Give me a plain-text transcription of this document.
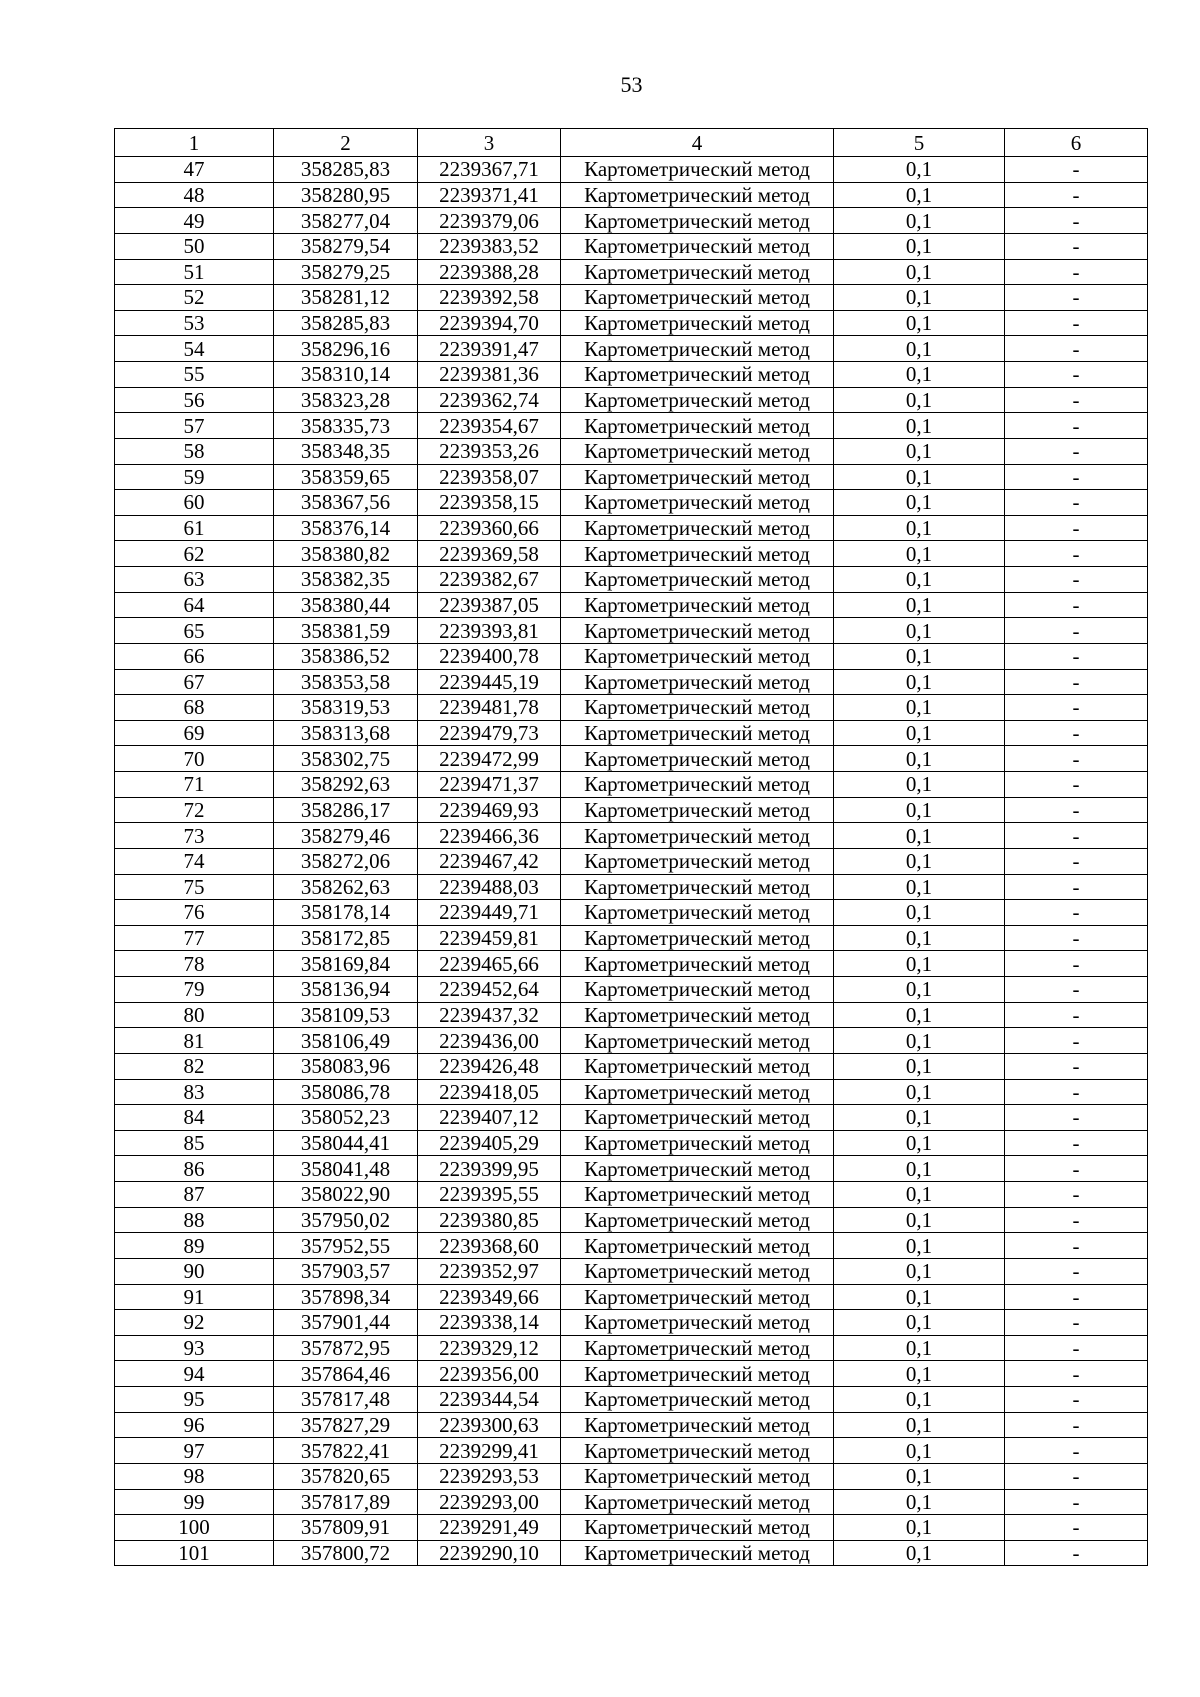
53
1	2	3	4	5	6
47	358285,83	2239367,71	Картометрический метод	0,1	-
48	358280,95	2239371,41	Картометрический метод	0,1	-
49	358277,04	2239379,06	Картометрический метод	0,1	-
50	358279,54	2239383,52	Картометрический метод	0,1	-
51	358279,25	2239388,28	Картометрический метод	0,1	-
52	358281,12	2239392,58	Картометрический метод	0,1	-
53	358285,83	2239394,70	Картометрический метод	0,1	-
54	358296,16	2239391,47	Картометрический метод	0,1	-
55	358310,14	2239381,36	Картометрический метод	0,1	-
56	358323,28	2239362,74	Картометрический метод	0,1	-
57	358335,73	2239354,67	Картометрический метод	0,1	-
58	358348,35	2239353,26	Картометрический метод	0,1	-
59	358359,65	2239358,07	Картометрический метод	0,1	-
60	358367,56	2239358,15	Картометрический метод	0,1	-
61	358376,14	2239360,66	Картометрический метод	0,1	-
62	358380,82	2239369,58	Картометрический метод	0,1	-
63	358382,35	2239382,67	Картометрический метод	0,1	-
64	358380,44	2239387,05	Картометрический метод	0,1	-
65	358381,59	2239393,81	Картометрический метод	0,1	-
66	358386,52	2239400,78	Картометрический метод	0,1	-
67	358353,58	2239445,19	Картометрический метод	0,1	-
68	358319,53	2239481,78	Картометрический метод	0,1	-
69	358313,68	2239479,73	Картометрический метод	0,1	-
70	358302,75	2239472,99	Картометрический метод	0,1	-
71	358292,63	2239471,37	Картометрический метод	0,1	-
72	358286,17	2239469,93	Картометрический метод	0,1	-
73	358279,46	2239466,36	Картометрический метод	0,1	-
74	358272,06	2239467,42	Картометрический метод	0,1	-
75	358262,63	2239488,03	Картометрический метод	0,1	-
76	358178,14	2239449,71	Картометрический метод	0,1	-
77	358172,85	2239459,81	Картометрический метод	0,1	-
78	358169,84	2239465,66	Картометрический метод	0,1	-
79	358136,94	2239452,64	Картометрический метод	0,1	-
80	358109,53	2239437,32	Картометрический метод	0,1	-
81	358106,49	2239436,00	Картометрический метод	0,1	-
82	358083,96	2239426,48	Картометрический метод	0,1	-
83	358086,78	2239418,05	Картометрический метод	0,1	-
84	358052,23	2239407,12	Картометрический метод	0,1	-
85	358044,41	2239405,29	Картометрический метод	0,1	-
86	358041,48	2239399,95	Картометрический метод	0,1	-
87	358022,90	2239395,55	Картометрический метод	0,1	-
88	357950,02	2239380,85	Картометрический метод	0,1	-
89	357952,55	2239368,60	Картометрический метод	0,1	-
90	357903,57	2239352,97	Картометрический метод	0,1	-
91	357898,34	2239349,66	Картометрический метод	0,1	-
92	357901,44	2239338,14	Картометрический метод	0,1	-
93	357872,95	2239329,12	Картометрический метод	0,1	-
94	357864,46	2239356,00	Картометрический метод	0,1	-
95	357817,48	2239344,54	Картометрический метод	0,1	-
96	357827,29	2239300,63	Картометрический метод	0,1	-
97	357822,41	2239299,41	Картометрический метод	0,1	-
98	357820,65	2239293,53	Картометрический метод	0,1	-
99	357817,89	2239293,00	Картометрический метод	0,1	-
100	357809,91	2239291,49	Картометрический метод	0,1	-
101	357800,72	2239290,10	Картометрический метод	0,1	-
